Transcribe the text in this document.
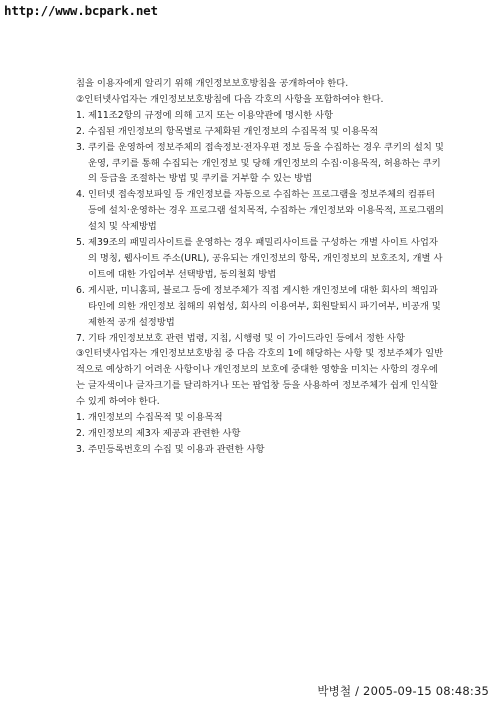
http://www.bcpark.net

침을 이용자에게 알리기 위해 개인정보보호방침을 공개하여야 한다.

②인터넷사업자는 개인정보보호방침에 다음 각호의 사항을 포함하여야 한다.

1. 제11조2항의 규정에 의해 고지 또는 이용약관에 명시한 사항
2. 수집된 개인정보의 항목별로 구체화된 개인정보의 수집목적 및 이용목적
3. 쿠키를 운영하여 정보주체의 접속정보·전자우편 정보 등을 수집하는 경우 쿠키의 설치 및 운영, 쿠키를 통해 수집되는 개인정보 및 당해 개인정보의 수집·이용목적, 허용하는 쿠키의 등급을 조절하는 방법 및 쿠키를 거부할 수 있는 방법
4. 인터넷 접속정보파일 등 개인정보를 자동으로 수집하는 프로그램을 정보주체의 컴퓨터 등에 설치·운영하는 경우 프로그램 설치목적, 수집하는 개인정보와 이용목적, 프로그램의 설치 및 삭제방법
5. 제39조의 패밀리사이트를 운영하는 경우 패밀리사이트를 구성하는 개별 사이트 사업자의 명칭, 웹사이트 주소(URL), 공유되는 개인정보의 항목, 개인정보의 보호조치, 개별 사이트에 대한 가입여부 선택방법, 동의철회 방법
6. 게시판, 미니홈피, 블로그 등에 정보주체가 직접 게시한 개인정보에 대한 회사의 책임과 타인에 의한 개인정보 침해의 위험성, 회사의 이용여부, 회원탈퇴시 파기여부, 비공개 및 제한적 공개 설정방법
7. 기타 개인정보보호 관련 법령, 지침, 시행령 및 이 가이드라인 등에서 정한 사항

③인터넷사업자는 개인정보보호방침 중 다음 각호의 1에 해당하는 사항 및 정보주체가 일반적으로 예상하기 어려운 사항이나 개인정보의 보호에 중대한 영향을 미치는 사항의 경우에는 글자색이나 글자크기를 달리하거나 또는 팝업창 등을 사용하여 정보주체가 쉽게 인식할 수 있게 하여야 한다.

1. 개인정보의 수집목적 및 이용목적
2. 개인정보의 제3자 제공과 관련한 사항
3. 주민등록번호의 수집 및 이용과 관련한 사항
박병철 / 2005-09-15 08:48:35
